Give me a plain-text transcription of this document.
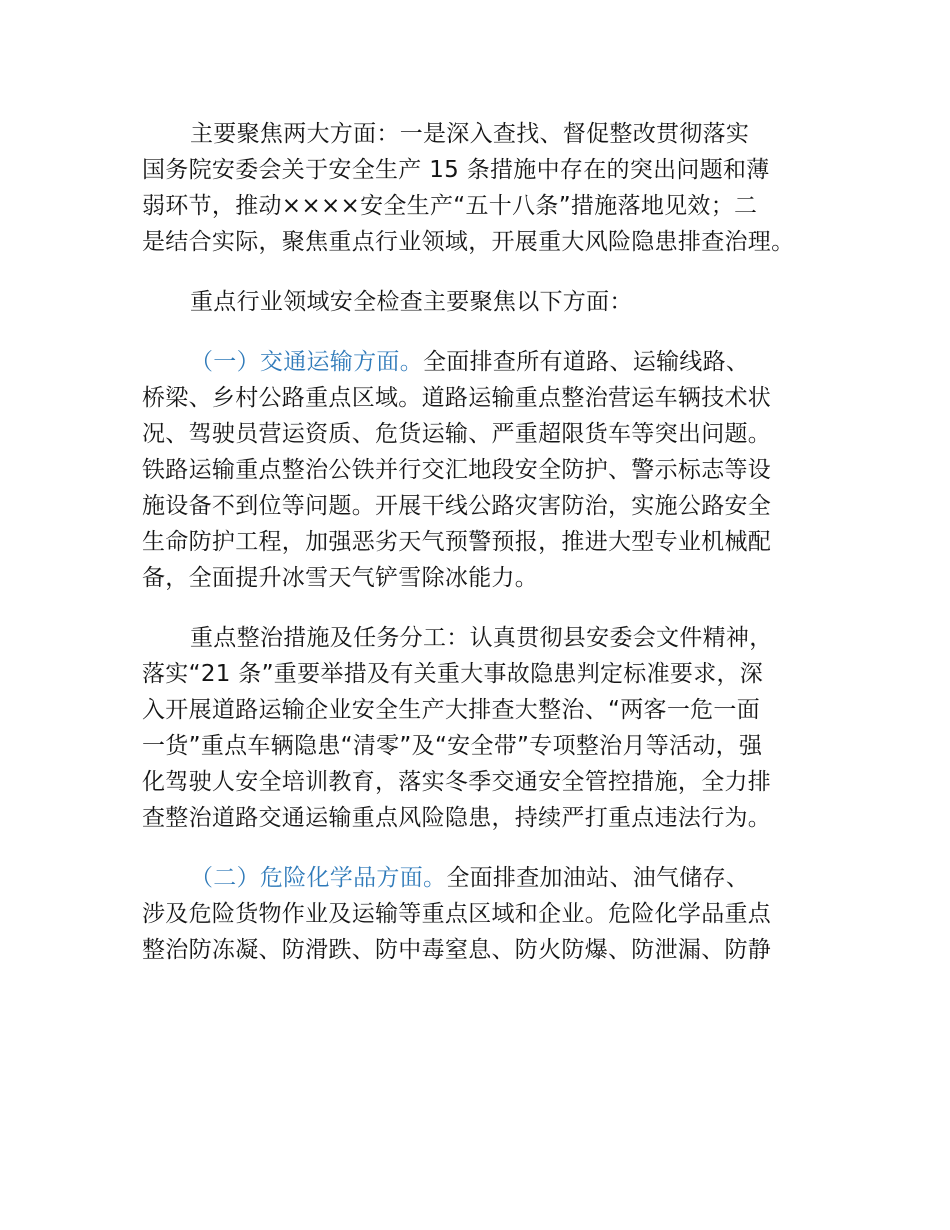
主要聚焦两大方面：一是深入查找、督促整改贯彻落实
国务院安委会关于安全生产 15 条措施中存在的突出问题和薄
弱环节，推动××××安全生产“五十八条”措施落地见效；二
是结合实际，聚焦重点行业领域，开展重大风险隐患排查治理。
重点行业领域安全检查主要聚焦以下方面：
（一）交通运输方面。全面排查所有道路、运输线路、
桥梁、乡村公路重点区域。道路运输重点整治营运车辆技术状
况、驾驶员营运资质、危货运输、严重超限货车等突出问题。
铁路运输重点整治公铁并行交汇地段安全防护、警示标志等设
施设备不到位等问题。开展干线公路灾害防治，实施公路安全
生命防护工程，加强恶劣天气预警预报，推进大型专业机械配
备，全面提升冰雪天气铲雪除冰能力。
重点整治措施及任务分工：认真贯彻县安委会文件精神，
落实“21 条”重要举措及有关重大事故隐患判定标准要求，深
入开展道路运输企业安全生产大排查大整治、“两客一危一面
一货”重点车辆隐患“清零”及“安全带”专项整治月等活动，强
化驾驶人安全培训教育，落实冬季交通安全管控措施，全力排
查整治道路交通运输重点风险隐患，持续严打重点违法行为。
（二）危险化学品方面。全面排查加油站、油气储存、
涉及危险货物作业及运输等重点区域和企业。危险化学品重点
整治防冻凝、防滑跌、防中毒窒息、防火防爆、防泄漏、防静
